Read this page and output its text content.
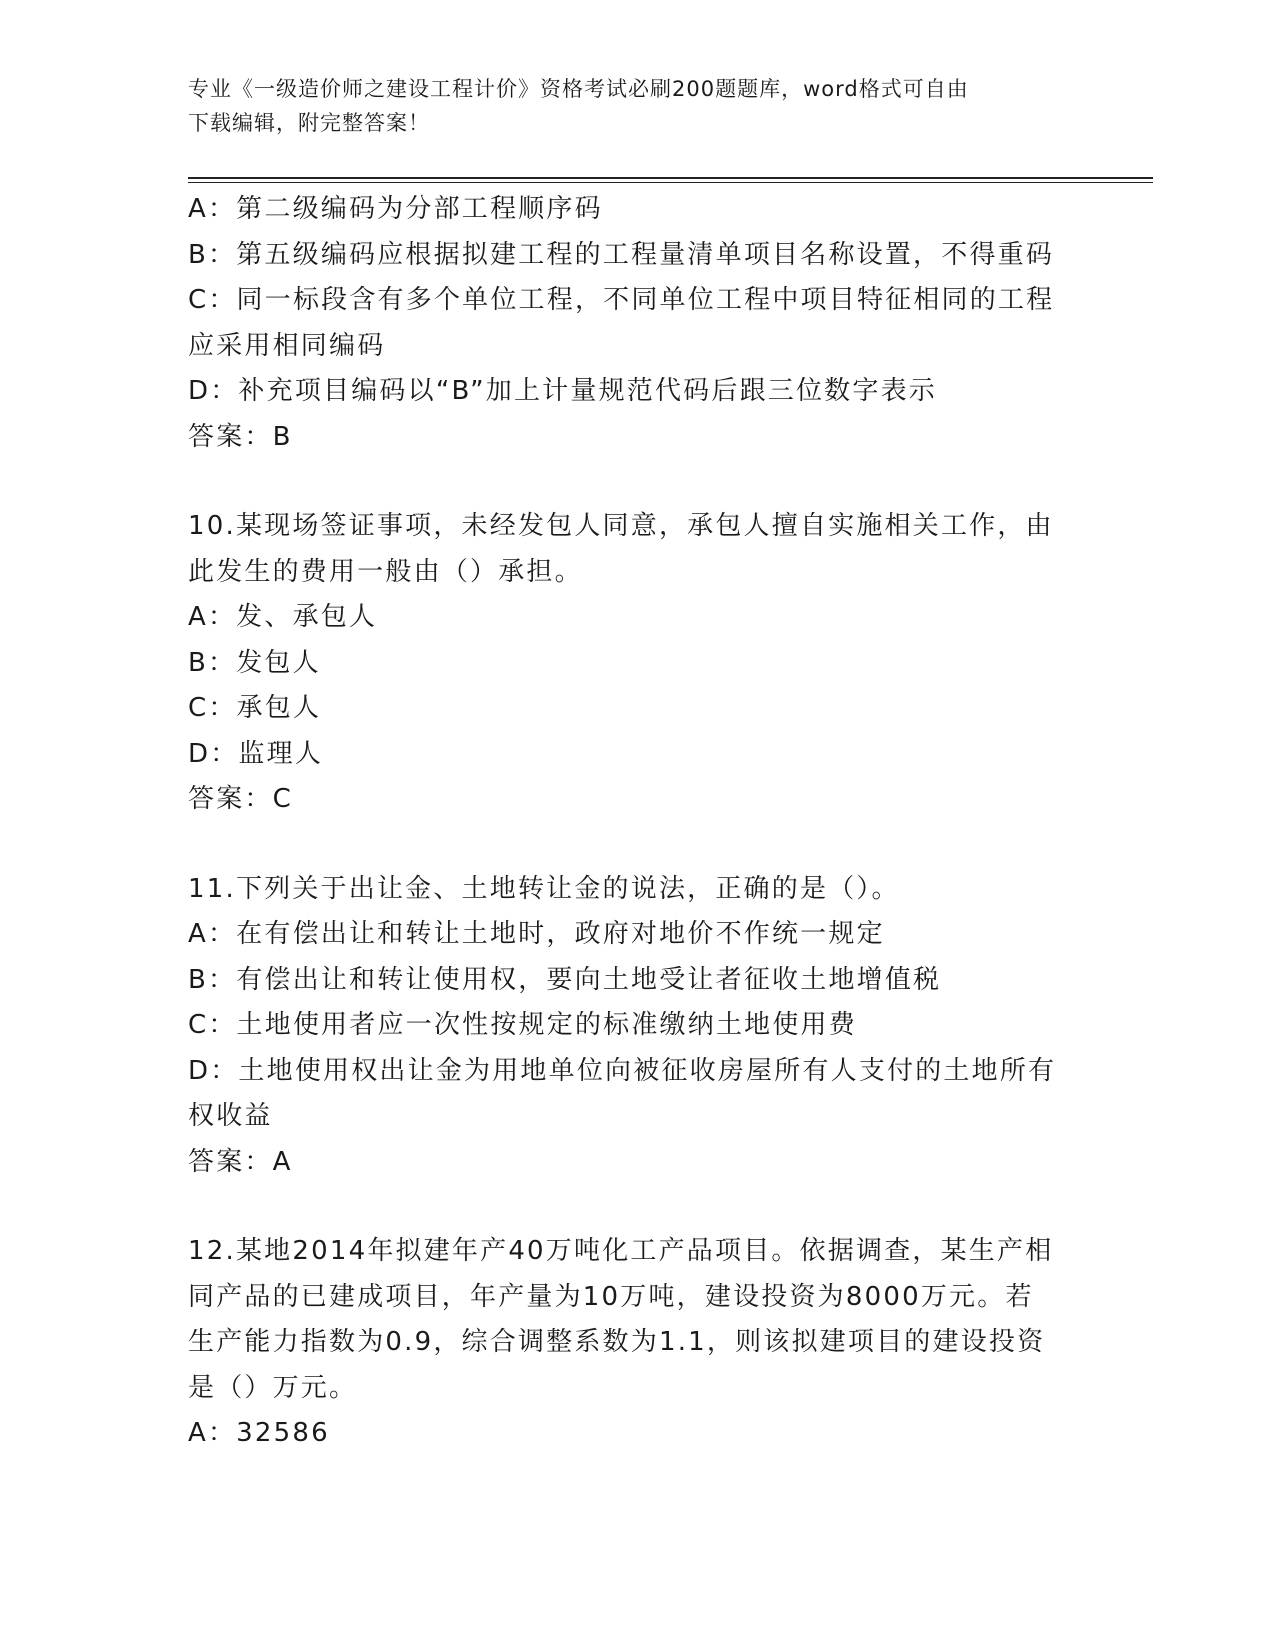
专业《一级造价师之建设工程计价》资格考试必刷200题题库，word格式可自由
下载编辑，附完整答案！

A：第二级编码为分部工程顺序码

B：第五级编码应根据拟建工程的工程量清单项目名称设置，不得重码

C：同一标段含有多个单位工程，不同单位工程中项目特征相同的工程

应采用相同编码

D：补充项目编码以“B”加上计量规范代码后跟三位数字表示

答案：B

10.某现场签证事项，未经发包人同意，承包人擅自实施相关工作，由

此发生的费用一般由（）承担。

A：发、承包人

B：发包人

C：承包人

D：监理人

答案：C

11.下列关于出让金、土地转让金的说法，正确的是（）。

A：在有偿出让和转让土地时，政府对地价不作统一规定

B：有偿出让和转让使用权，要向土地受让者征收土地增值税

C：土地使用者应一次性按规定的标准缴纳土地使用费

D：土地使用权出让金为用地单位向被征收房屋所有人支付的土地所有

权收益

答案：A

12.某地2014年拟建年产40万吨化工产品项目。依据调查，某生产相

同产品的已建成项目，年产量为10万吨，建设投资为8000万元。若

生产能力指数为0.9，综合调整系数为1.1，则该拟建项目的建设投资

是（）万元。

A：32586
